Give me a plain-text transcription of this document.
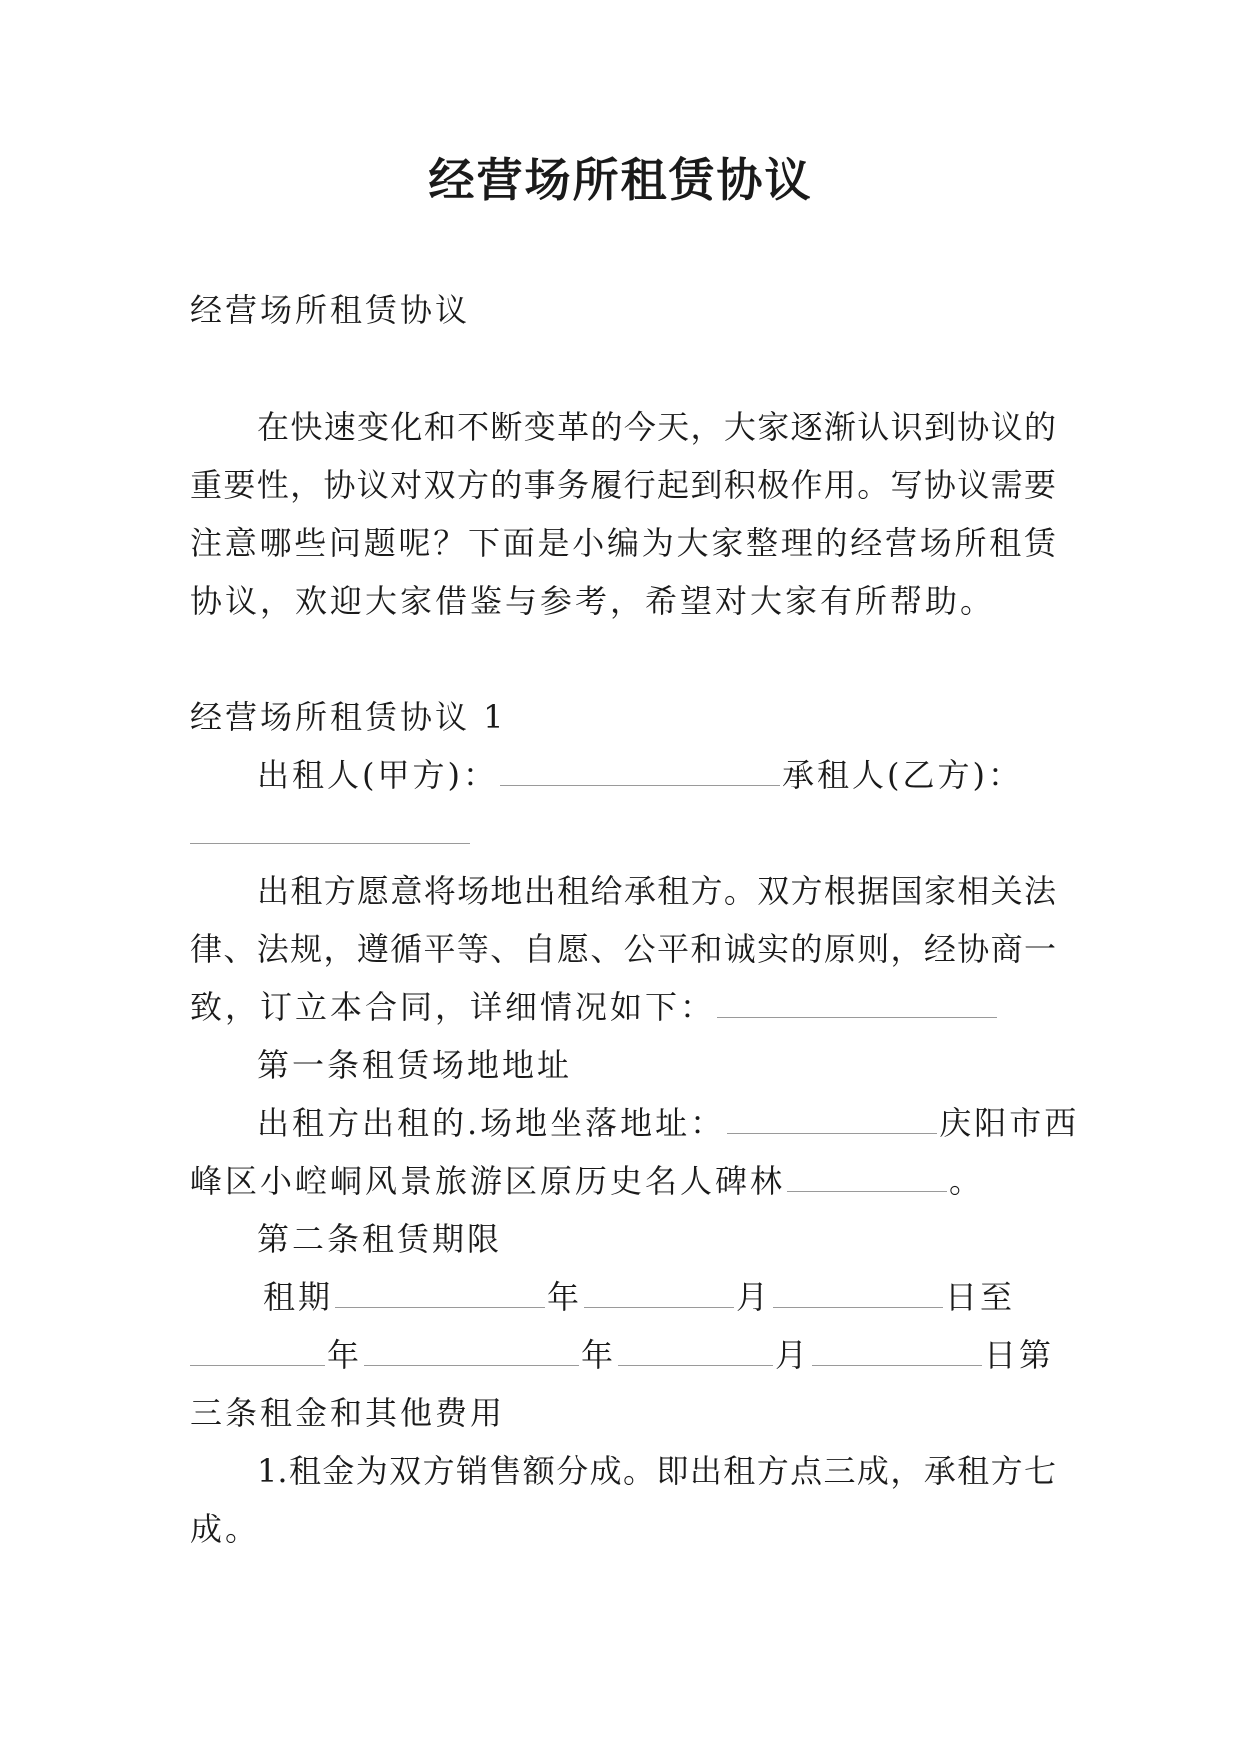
经营场所租赁协议
经营场所租赁协议
在快速变化和不断变革的今天，大家逐渐认识到协议的
重要性，协议对双方的事务履行起到积极作用。写协议需要
注意哪些问题呢？下面是小编为大家整理的经营场所租赁
协议，欢迎大家借鉴与参考，希望对大家有所帮助。
经营场所租赁协议 1
出租人(甲方)：	承租人(乙方)：
出租方愿意将场地出租给承租方。双方根据国家相关法
律、法规，遵循平等、自愿、公平和诚实的原则，经协商一
致，订立本合同，详细情况如下：
第一条租赁场地地址
出租方出租的.场地坐落地址：	庆阳市西
峰区小崆峒风景旅游区原历史名人碑林	。
第二条租赁期限
租期	年	月	日至
年	年	月	日第
三条租金和其他费用
1.租金为双方销售额分成。即出租方点三成，承租方七
成。
